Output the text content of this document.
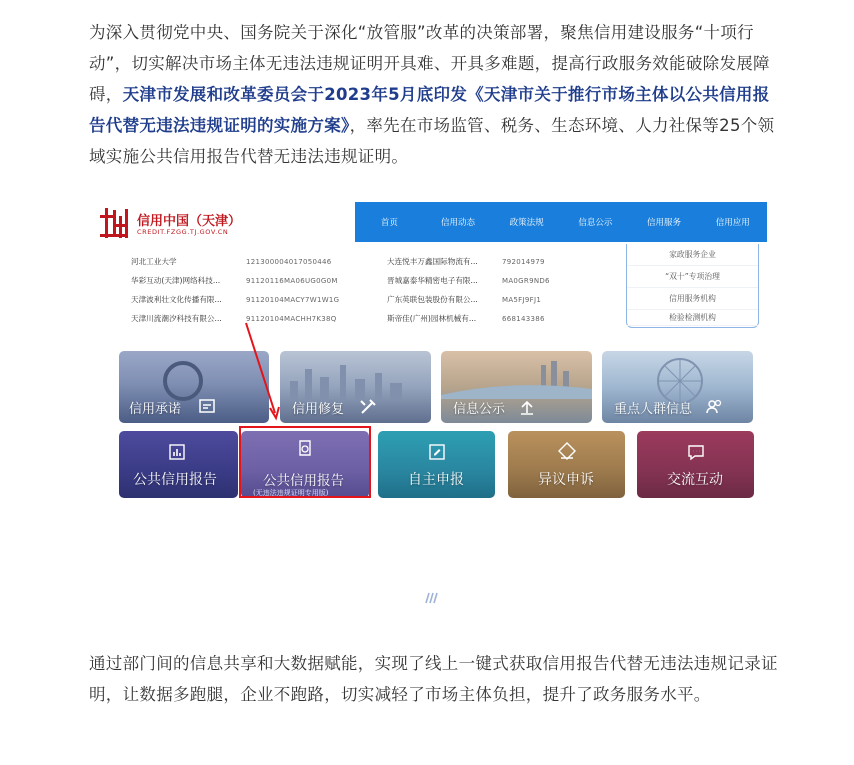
为深入贯彻党中央、国务院关于深化“放管服”改革的决策部署，聚焦信用建设服务“十项行动”，切实解决市场主体无违法违规证明开具难、开具多难题，提高行政服务效能破除发展障碍，天津市发展和改革委员会于2023年5月底印发《天津市关于推行市场主体以公共信用报告代替无违法违规证明的实施方案》，率先在市场监管、税务、生态环境、人力社保等25个领域实施公共信用报告代替无违法违规证明。
信用中国（天津）
CREDIT.FZGG.TJ.GOV.CN
首页	信用动态	政策法规	信息公示	信用服务	信用应用
河北工业大学	121300004017050446
华彩互动(天津)网络科技...	91120116MA06UG0G0M
天津波利壮文化传播有限...	91120104MACY7W1W1G
天津川流潮汐科技有限公...	91120104MACHH7K38Q
大连悦丰万鑫国际物流有...	792014979
晋城嘉泰华精密电子有限...	MA0GR9ND6
广东英联包装股份有限公...	MA5FJ9FJ1
斯帝佳(广州)园林机械有...	668143386
家政服务企业
“双十”专项治理
信用服务机构
检验检测机构
信用承诺	信用修复	信息公示	重点人群信息
公共信用报告	公共信用报告
(无违法违规证明专用版)
自主申报	异议申诉	交流互动
通过部门间的信息共享和大数据赋能，实现了线上一键式获取信用报告代替无违法违规记录证明，让数据多跑腿，企业不跑路，切实减轻了市场主体负担，提升了政务服务水平。
